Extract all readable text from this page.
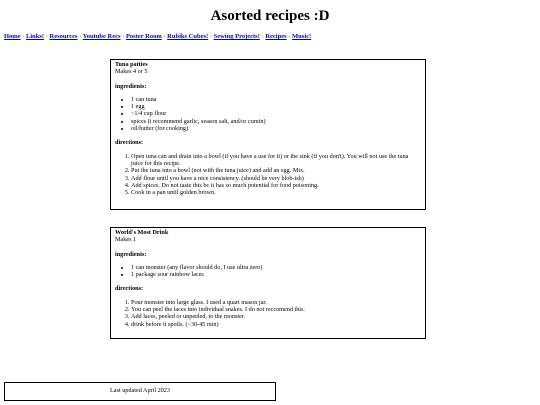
Asorted recipes :D
Home · Links! · Resources · Youtube Recs · Poster Room · Rubiks Cubes! · Sewing Projects! · Recipes · Music!
Tuna patties
Makes 4 or 5
ingredients:
• 1 can tuna
• 1 egg
• ~1/4 cup flour
• spices (i recommend garlic, season salt, and/or cumin)
• oil/butter (for cooking)
directions:
1. Open tuna can and drain into a bowl (if you have a use for it) or the sink (if you don't). You will not use the tuna juice for this recipe.
2. Put the tuna into a bowl (not with the tuna juice) and add an egg. Mix.
3. Add flour until you have a nice consistency. (should be very blob-ish)
4. Add spices. Do not taste this bc it has so much potential for food poisoning.
5. Cook in a pan until golden brown.
World's Most Drink
Makes 1
ingredients:
• 1 can monster (any flavor should do, I use ultra zero)
• 1 package sour rainbow laces
directions:
1. Pour monster into large glass. I used a quart mason jar.
2. You can peel the laces into individual snakes. I do not reccomend this.
3. Add laces, peeled or unpeeled, to the monster.
4. drink before it spoils. (~30-45 min)
Last updated April 2023
